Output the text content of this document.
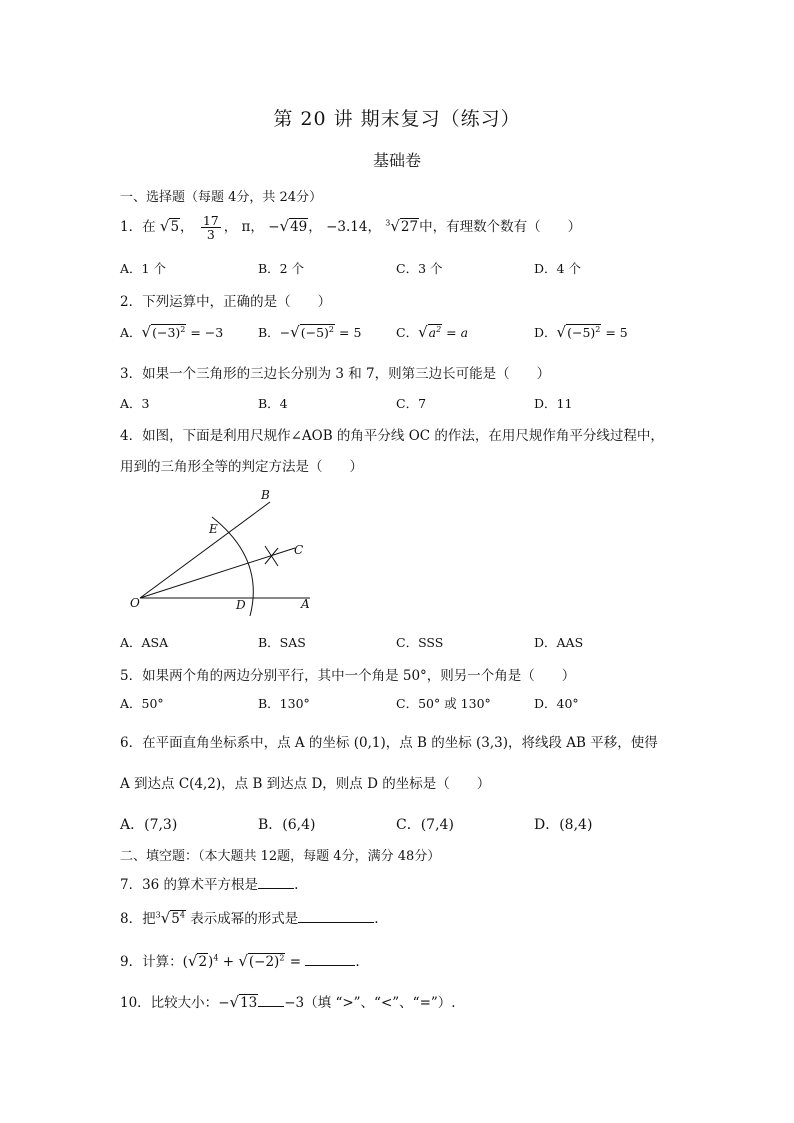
第 20 讲 期末复习（练习）
基础卷
一、选择题（每题 4分，共 24分）
1．在 √5， $\frac{17}{3}$ ， π， −√49， −3.14， $^3$√27中，有理数个数有（　　）
A．1 个	B．2 个	C．3 个	D．4 个
2．下列运算中，正确的是（　　）
A．$√(-3)^2 = -3$	B．$-√(-5)^2 = 5$	C．$√a^2 = a$	D．$√(-5)^2 = 5$
3．如果一个三角形的三边长分别为 3 和 7，则第三边长可能是（　　）
A．3	B．4	C．7	D．11
4．如图，下面是利用尺规作∠AOB 的角平分线 OC 的作法，在用尺规作角平分线过程中，
用到的三角形全等的判定方法是（　　）
B
E
C
O	D	A
A．ASA	B．SAS	C．SSS	D．AAS
5．如果两个角的两边分别平行，其中一个角是 50°，则另一个角是（　　）
A．50°	B．130°	C．50° 或 130°	D．40°
6．在平面直角坐标系中，点 A 的坐标 (0,1)，点 B 的坐标 (3,3)，将线段 AB 平移，使得
A 到达点 C(4,2)，点 B 到达点 D，则点 D 的坐标是（　　）
A．(7,3)	B．(6,4)	C．(7,4)	D．(8,4)
二、填空题：（本大题共 12题，每题 4分，满分 48分）
7．36 的算术平方根是	.
8．把$^3√5^4$ 表示成幂的形式是	.
9．计算：$(√2)^4 + √(-2)^2$ =	.
10．比较大小：−√13 −3（填 “>”、“<”、“=”）.
